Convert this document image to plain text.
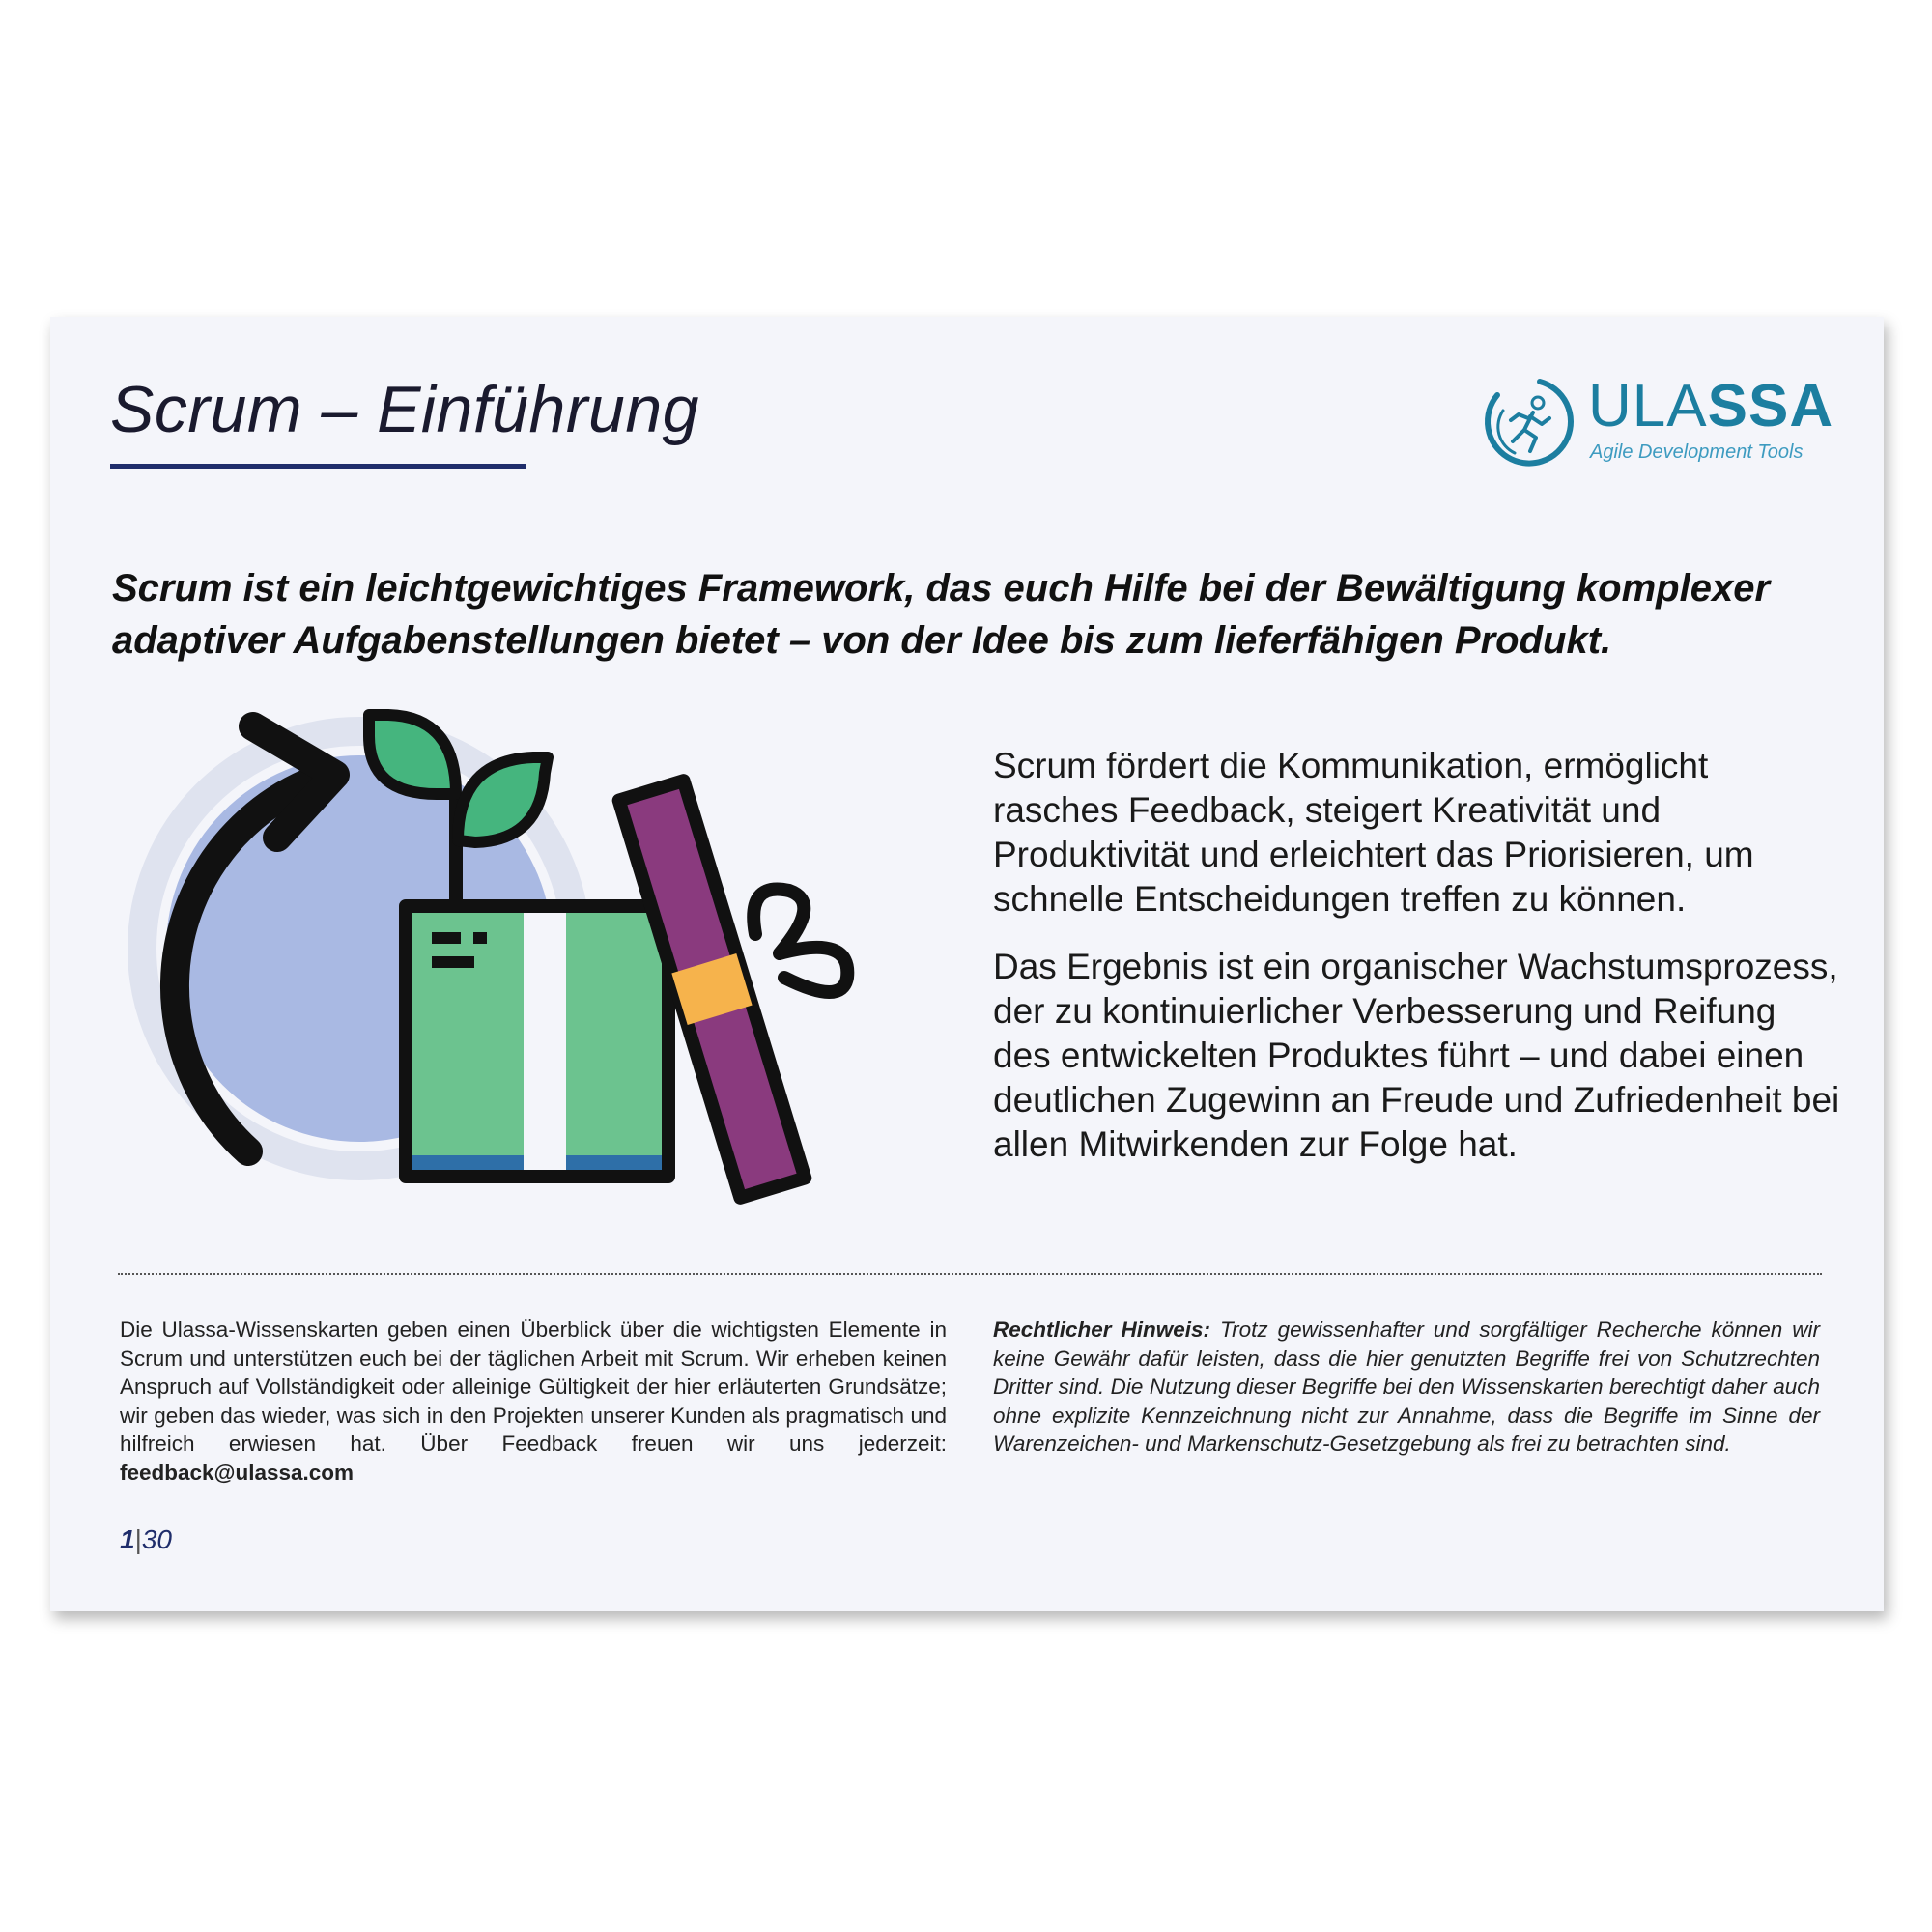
Scrum – Einführung	ULASSA
Agile Development Tools
Scrum ist ein leichtgewichtiges Framework, das euch Hilfe bei der Bewältigung komplexer adaptiver Aufgabenstellungen bietet – von der Idee bis zum lieferfähigen Produkt.

Scrum fördert die Kommunikation, ermöglicht rasches Feedback, steigert Kreativität und Produktivität und erleichtert das Priorisieren, um schnelle Entscheidungen treffen zu können.

Das Ergebnis ist ein organischer Wachstumsprozess, der zu kontinuierlicher Verbesserung und Reifung des entwickelten Produktes führt – und dabei einen deutlichen Zugewinn an Freude und Zufriedenheit bei allen Mitwirkenden zur Folge hat.

Die Ulassa-Wissenskarten geben einen Überblick über die wichtigsten Elemente in Scrum und unterstützen euch bei der täglichen Arbeit mit Scrum. Wir erheben keinen Anspruch auf Vollständigkeit oder alleinige Gültigkeit der hier erläuterten Grundsätze; wir geben das wieder, was sich in den Projekten unserer Kunden als pragmatisch und hilfreich erwiesen hat. Über Feedback freuen wir uns jederzeit: feedback@ulassa.com
Rechtlicher Hinweis: Trotz gewissenhafter und sorgfältiger Recherche können wir keine Gewähr dafür leisten, dass die hier genutzten Begriffe frei von Schutzrechten Dritter sind. Die Nutzung dieser Begriffe bei den Wissenskarten berechtigt daher auch ohne explizite Kennzeichnung nicht zur Annahme, dass die Begriffe im Sinne der Warenzeichen- und Markenschutz-Gesetzgebung als frei zu betrachten sind.
1|30
